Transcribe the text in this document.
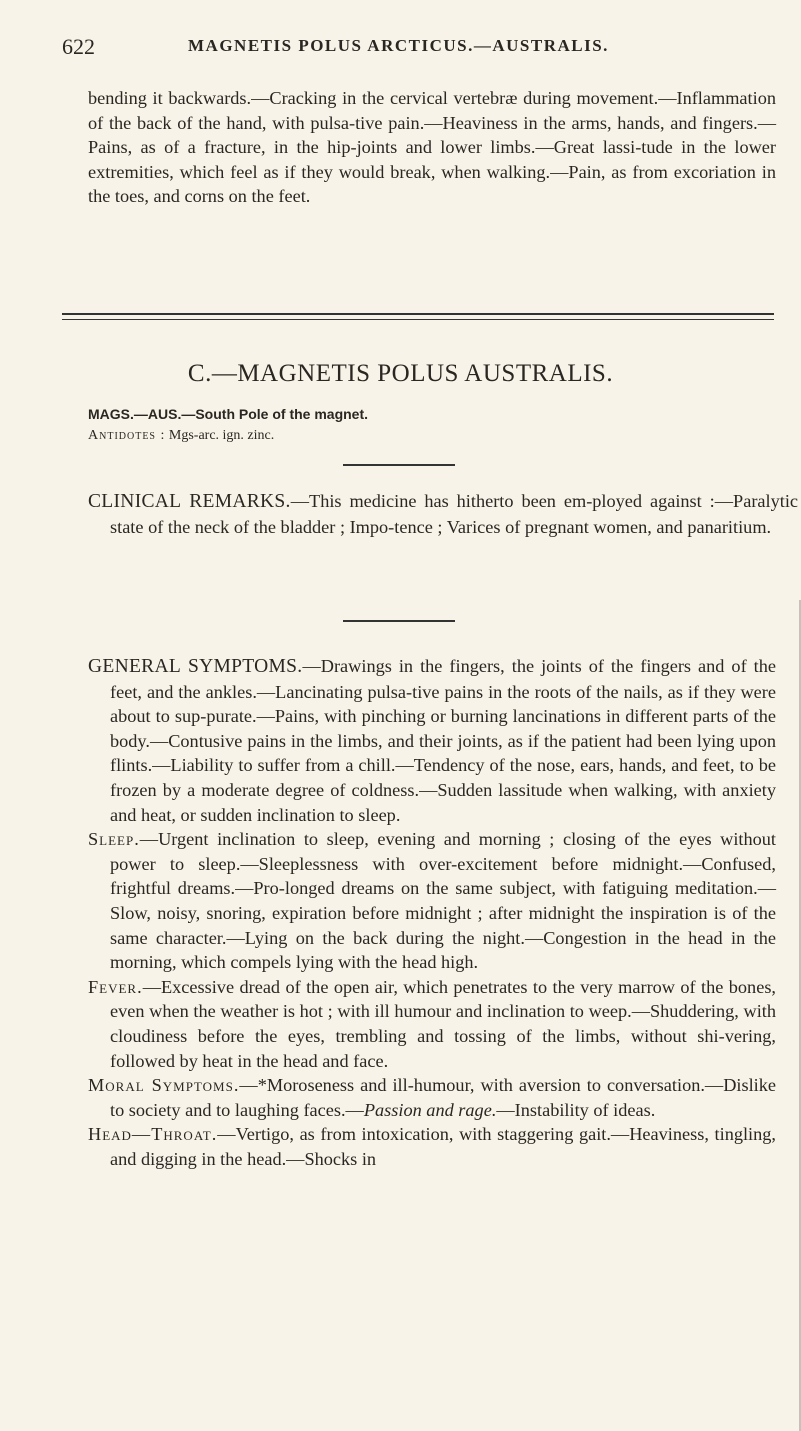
622	MAGNETIS POLUS ARCTICUS.—AUSTRALIS.

bending it backwards.—Cracking in the cervical vertebræ during movement.—Inflammation of the back of the hand, with pulsa-tive pain.—Heaviness in the arms, hands, and fingers.—Pains, as of a fracture, in the hip-joints and lower limbs.—Great lassi-tude in the lower extremities, which feel as if they would break, when walking.—Pain, as from excoriation in the toes, and corns on the feet.

C.—MAGNETIS POLUS AUSTRALIS.
MAGS.—AUS.—South Pole of the magnet.
Antidotes : Mgs-arc. ign. zinc.

CLINICAL REMARKS.—This medicine has hitherto been em-ployed against :—Paralytic state of the neck of the bladder ; Impo-tence ; Varices of pregnant women, and panaritium.

GENERAL SYMPTOMS.—Drawings in the fingers, the joints of the fingers and of the feet, and the ankles.—Lancinating pulsa-tive pains in the roots of the nails, as if they were about to sup-purate.—Pains, with pinching or burning lancinations in different parts of the body.—Contusive pains in the limbs, and their joints, as if the patient had been lying upon flints.—Liability to suffer from a chill.—Tendency of the nose, ears, hands, and feet, to be frozen by a moderate degree of coldness.—Sudden lassitude when walking, with anxiety and heat, or sudden inclination to sleep.

Sleep.—Urgent inclination to sleep, evening and morning ; closing of the eyes without power to sleep.—Sleeplessness with over-excitement before midnight.—Confused, frightful dreams.—Pro-longed dreams on the same subject, with fatiguing meditation.—Slow, noisy, snoring, expiration before midnight ; after midnight the inspiration is of the same character.—Lying on the back during the night.—Congestion in the head in the morning, which compels lying with the head high.

Fever.—Excessive dread of the open air, which penetrates to the very marrow of the bones, even when the weather is hot ; with ill humour and inclination to weep.—Shuddering, with cloudiness before the eyes, trembling and tossing of the limbs, without shi-vering, followed by heat in the head and face.

Moral Symptoms.—*Moroseness and ill-humour, with aversion to conversation.—Dislike to society and to laughing faces.—Passion and rage.—Instability of ideas.

Head—Throat.—Vertigo, as from intoxication, with staggering gait.—Heaviness, tingling, and digging in the head.—Shocks in
